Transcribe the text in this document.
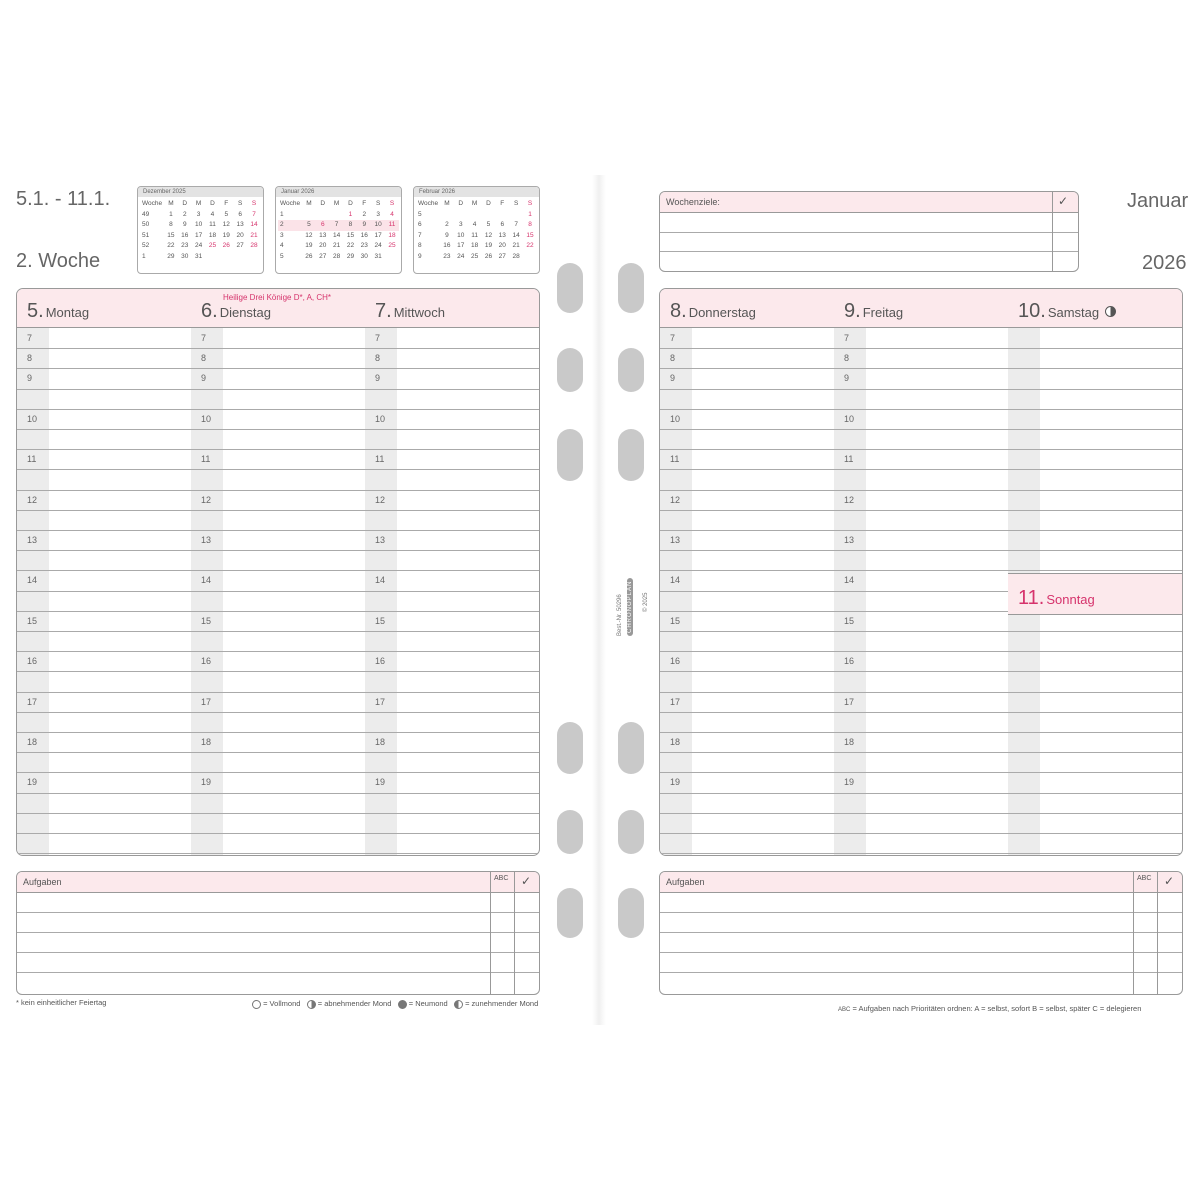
5.1. - 11.1.
2. Woche
Dezember 2025
Woche	M	D	M	D	F	S	S
49	1	2	3	4	5	6	7
50	8	9	10	11	12	13	14
51	15	16	17	18	19	20	21
52	22	23	24	25	26	27	28
1	29	30	31				
Januar 2026
Woche	M	D	M	D	F	S	S
1				1	2	3	4
2	5	6	7	8	9	10	11
3	12	13	14	15	16	17	18
4	19	20	21	22	23	24	25
5	26	27	28	29	30	31	
Februar 2026
Woche	M	D	M	D	F	S	S
5							1
6	2	3	4	5	6	7	8
7	9	10	11	12	13	14	15
8	16	17	18	19	20	21	22
9	23	24	25	26	27	28	
5. Montag
7
8
9
10
11
12
13
14
15
16
17
18
19
6. Dienstag
Heilige Drei Könige D*, A, CH*
7
8
9
10
11
12
13
14
15
16
17
18
19
7. Mittwoch
7
8
9
10
11
12
13
14
15
16
17
18
19
Januar
2026
Wochenziele:	✓
8. Donnerstag
7
8
9
10
11
12
13
14
15
16
17
18
19
9. Freitag
7
8
9
10
11
12
13
14
15
16
17
18
19
10. Samstag
11. Sonntag
Best.-Nr. 50296 CHRONOPLAN © 2025
Aufgaben	ABC ✓	Aufgaben	ABC ✓
* kein einheitlicher Feiertag	= Vollmond = abnehmender Mond = Neumond = zunehmender Mond
ABC = Aufgaben nach Prioritäten ordnen: A = selbst, sofort B = selbst, später C = delegieren
